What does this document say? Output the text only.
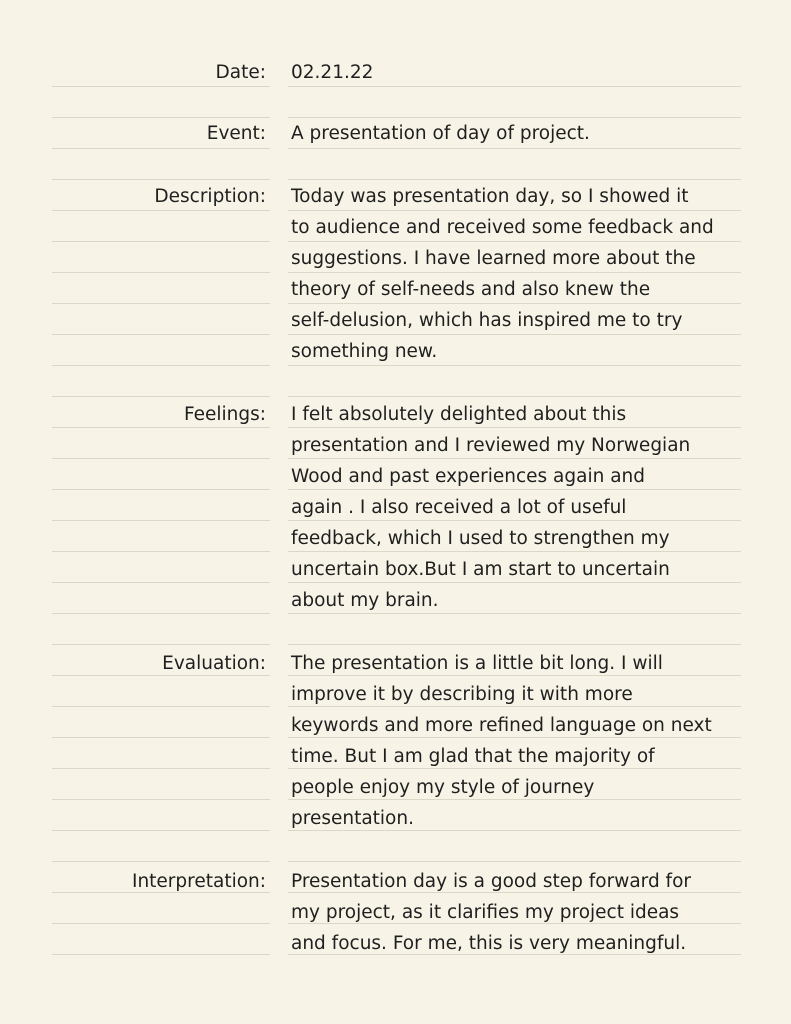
Date: 02.21.22
Event: A presentation of day of project.
Description: Today was presentation day, so I showed it
to audience and received some feedback and
suggestions. I have learned more about the
theory of self-needs and also knew the
self-delusion, which has inspired me to try
something new.
Feelings: I felt absolutely delighted about this
presentation and I reviewed my Norwegian
Wood and past experiences again and
again . I also received a lot of useful
feedback, which I used to strengthen my
uncertain box.But I am start to uncertain
about my brain.
Evaluation: The presentation is a little bit long. I will
improve it by describing it with more
keywords and more refined language on next
time. But I am glad that the majority of
people enjoy my style of journey
presentation.
Interpretation: Presentation day is a good step forward for
my project, as it clarifies my project ideas
and focus. For me, this is very meaningful.
